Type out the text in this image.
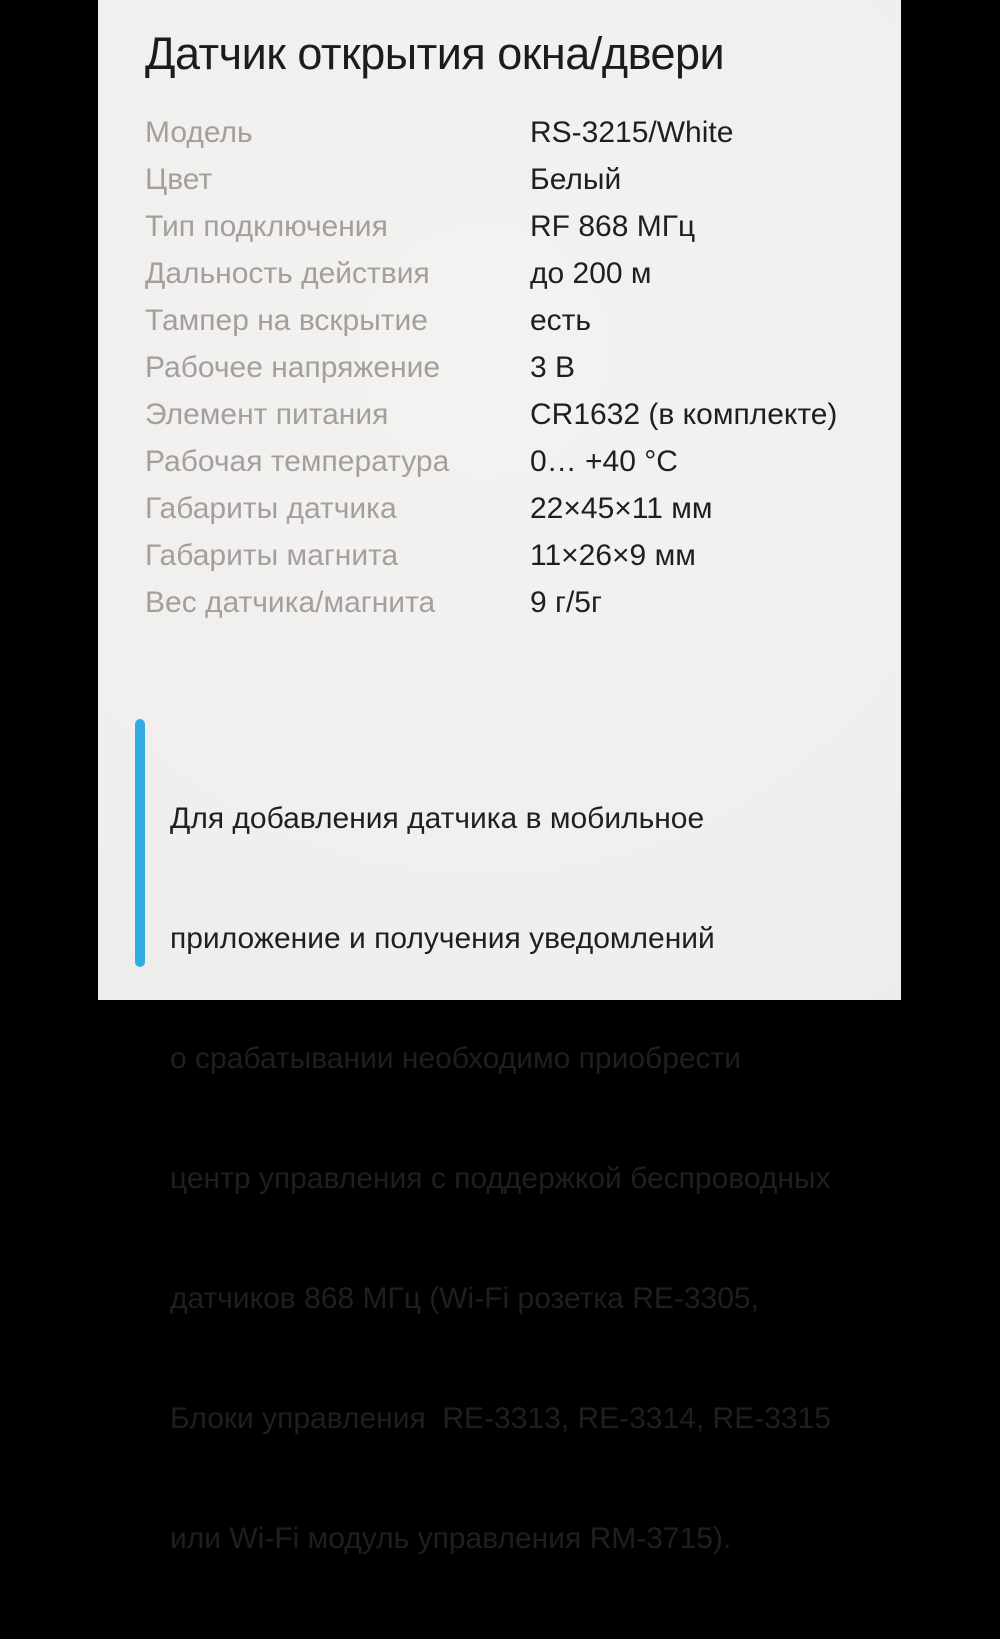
Датчик открытия окна/двери
Модель	RS-3215/White
Цвет	Белый
Тип подключения	RF 868 МГц
Дальность действия	до 200 м
Тампер на вскрытие	есть
Рабочее напряжение	3 В
Элемент питания	CR1632 (в комплекте)
Рабочая температура	0… +40 °C
Габариты датчика	22×45×11 мм
Габариты магнита	11×26×9 мм
Вес датчика/магнита	9 г/5г

Для добавления датчика в мобильное

приложение и получения уведомлений

о срабатывании необходимо приобрести

центр управления с поддержкой беспроводных

датчиков 868 МГц (Wi-Fi розетка RE-3305,

Блоки управления  RE-3313, RE-3314, RE-3315

или Wi-Fi модуль управления RM-3715).
